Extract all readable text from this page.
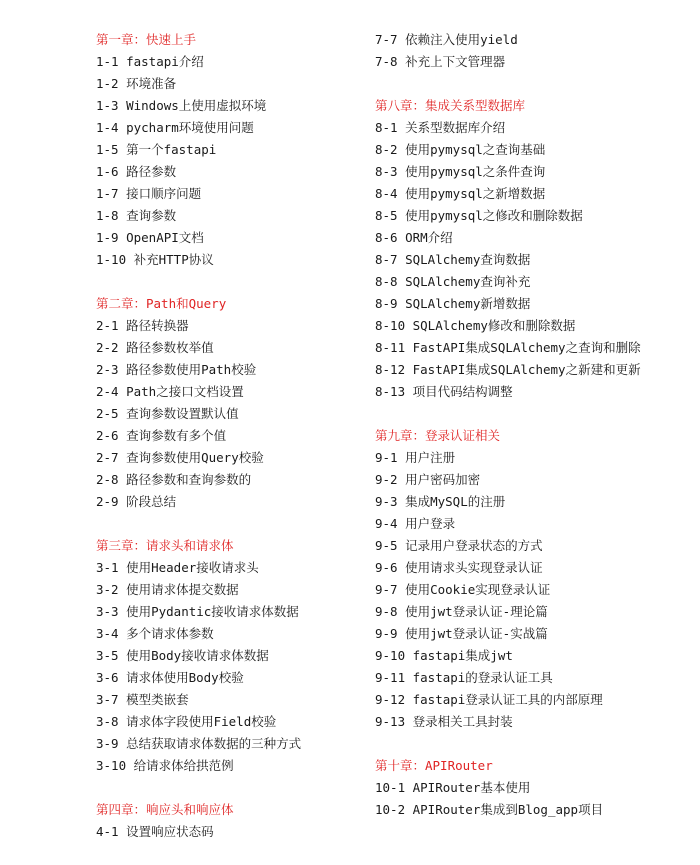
第一章：快速上手
1-1 fastapi介绍
1-2 环境准备
1-3 Windows上使用虚拟环境
1-4 pycharm环境使用问题
1-5 第一个fastapi
1-6 路径参数
1-7 接口顺序问题
1-8 查询参数
1-9 OpenAPI文档
1-10 补充HTTP协议
第二章：Path和Query
2-1 路径转换器
2-2 路径参数枚举值
2-3 路径参数使用Path校验
2-4 Path之接口文档设置
2-5 查询参数设置默认值
2-6 查询参数有多个值
2-7 查询参数使用Query校验
2-8 路径参数和查询参数的
2-9 阶段总结
第三章：请求头和请求体
3-1 使用Header接收请求头
3-2 使用请求体提交数据
3-3 使用Pydantic接收请求体数据
3-4 多个请求体参数
3-5 使用Body接收请求体数据
3-6 请求体使用Body校验
3-7 模型类嵌套
3-8 请求体字段使用Field校验
3-9 总结获取请求体数据的三种方式
3-10 给请求体给拱范例
第四章：响应头和响应体
4-1 设置响应状态码
7-7 依赖注入使用yield
7-8 补充上下文管理器
第八章：集成关系型数据库
8-1 关系型数据库介绍
8-2 使用pymysql之查询基础
8-3 使用pymysql之条件查询
8-4 使用pymysql之新增数据
8-5 使用pymysql之修改和删除数据
8-6 ORM介绍
8-7 SQLAlchemy查询数据
8-8 SQLAlchemy查询补充
8-9 SQLAlchemy新增数据
8-10 SQLAlchemy修改和删除数据
8-11 FastAPI集成SQLAlchemy之查询和删除
8-12 FastAPI集成SQLAlchemy之新建和更新
8-13 项目代码结构调整
第九章：登录认证相关
9-1 用户注册
9-2 用户密码加密
9-3 集成MySQL的注册
9-4 用户登录
9-5 记录用户登录状态的方式
9-6 使用请求头实现登录认证
9-7 使用Cookie实现登录认证
9-8 使用jwt登录认证-理论篇
9-9 使用jwt登录认证-实战篇
9-10 fastapi集成jwt
9-11 fastapi的登录认证工具
9-12 fastapi登录认证工具的内部原理
9-13 登录相关工具封装
第十章：APIRouter
10-1 APIRouter基本使用
10-2 APIRouter集成到Blog_app项目
